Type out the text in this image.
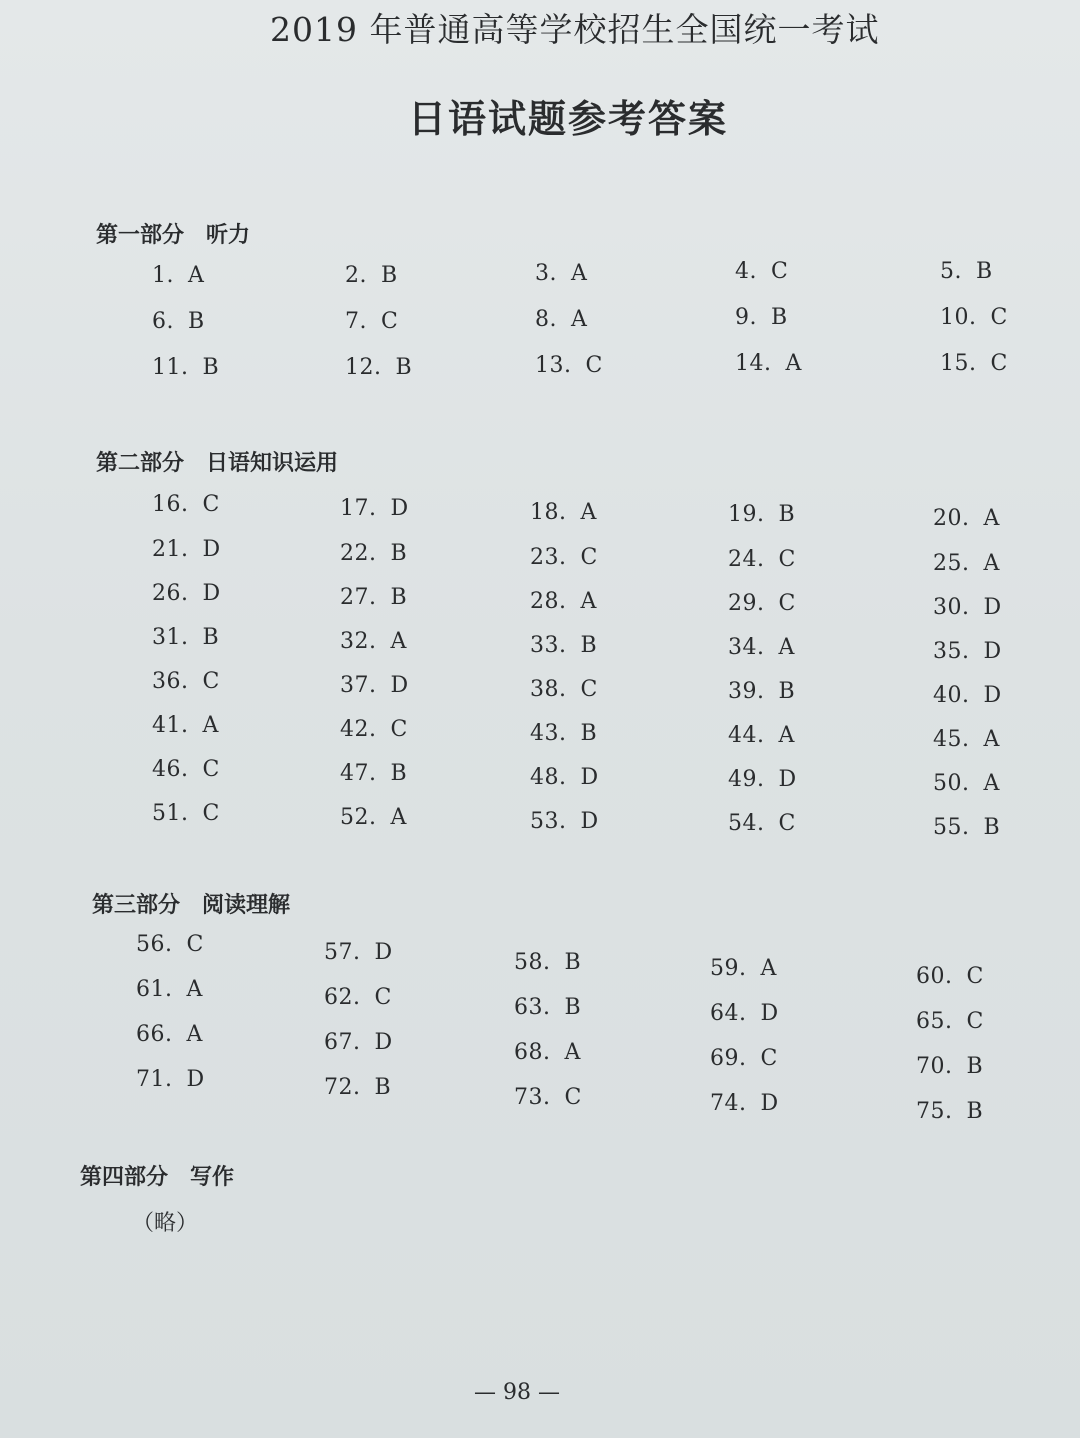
2019 年普通高等学校招生全国统一考试
日语试题参考答案
第一部分 听力
第二部分 日语知识运用
第三部分 阅读理解
第四部分 写作
1. A	2. B	3. A	4. C	5. B
6. B	7. C	8. A	9. B	10. C
11. B	12. B	13. C	14. A	15. C
16. C	17. D	18. A	19. B	20. A
21. D	22. B	23. C	24. C	25. A
26. D	27. B	28. A	29. C	30. D
31. B	32. A	33. B	34. A	35. D
36. C	37. D	38. C	39. B	40. D
41. A	42. C	43. B	44. A	45. A
46. C	47. B	48. D	49. D	50. A
51. C	52. A	53. D	54. C	55. B
56. C	57. D	58. B	59. A	60. C
61. A	62. C	63. B	64. D	65. C
66. A	67. D	68. A	69. C	70. B
71. D	72. B	73. C	74. D	75. B
（略）
— 98 —
